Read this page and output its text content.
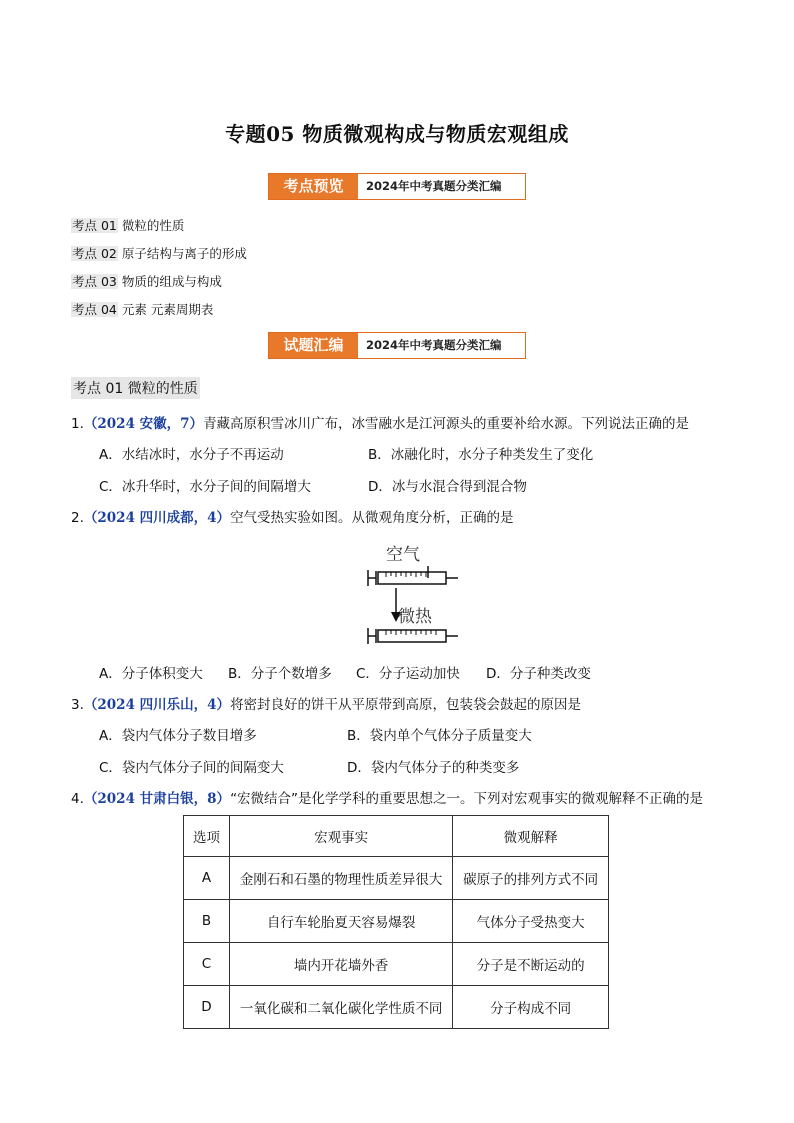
专题05 物质微观构成与物质宏观组成
考点预览	2024年中考真题分类汇编
考点 01 微粒的性质
考点 02 原子结构与离子的形成
考点 03 物质的组成与构成
考点 04 元素 元素周期表
试题汇编	2024年中考真题分类汇编
考点 01 微粒的性质
1.（2024 安徽，7）青藏高原积雪冰川广布，冰雪融水是江河源头的重要补给水源。下列说法正确的是
A．水结冰时，水分子不再运动	B．冰融化时，水分子种类发生了变化
C．冰升华时，水分子间的间隔增大	D．冰与水混合得到混合物
2.（2024 四川成都，4）空气受热实验如图。从微观角度分析，正确的是
空气
微热
A．分子体积变大 B．分子个数增多 C．分子运动加快 D．分子种类改变
3.（2024 四川乐山，4）将密封良好的饼干从平原带到高原，包装袋会鼓起的原因是
A．袋内气体分子数目增多	B．袋内单个气体分子质量变大
C．袋内气体分子间的间隔变大	D．袋内气体分子的种类变多
4.（2024 甘肃白银，8）“宏微结合”是化学学科的重要思想之一。下列对宏观事实的微观解释不正确的是
选项	宏观事实	微观解释
A	金刚石和石墨的物理性质差异很大	碳原子的排列方式不同
B	自行车轮胎夏天容易爆裂	气体分子受热变大
C	墙内开花墙外香	分子是不断运动的
D	一氧化碳和二氧化碳化学性质不同	分子构成不同
